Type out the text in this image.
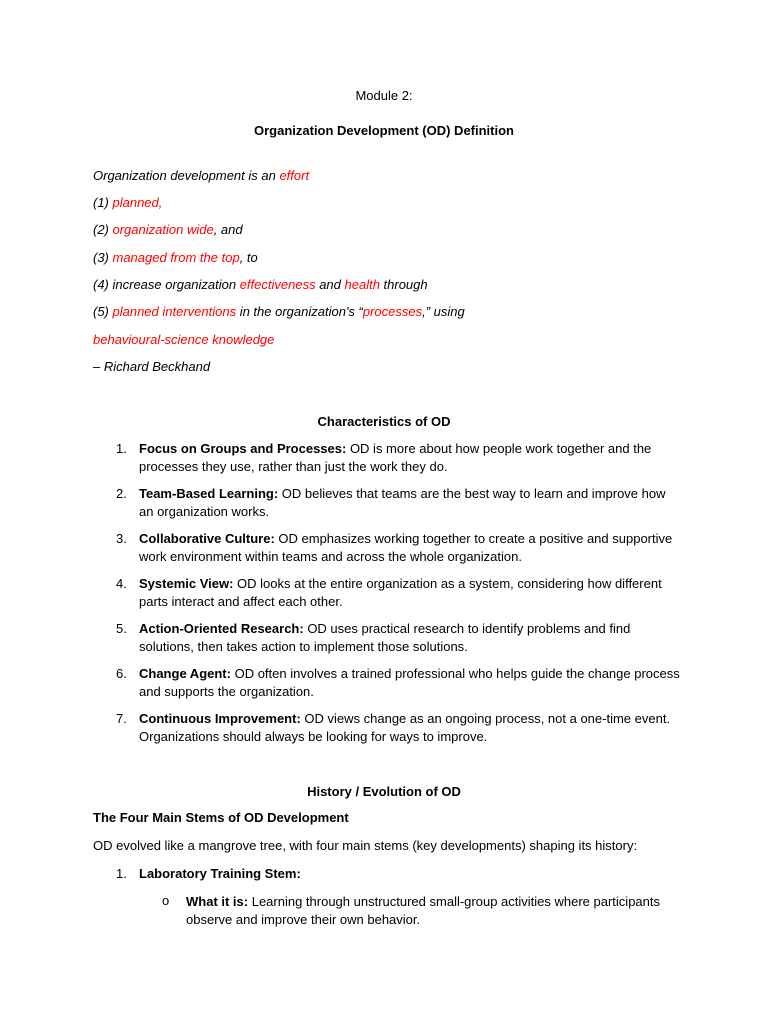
Module 2:
Organization Development (OD) Definition
Organization development is an effort
(1) planned,
(2) organization wide, and
(3) managed from the top, to
(4) increase organization effectiveness and health through
(5) planned interventions in the organization's “processes,” using
behavioural-science knowledge
– Richard Beckhand
Characteristics of OD
1. Focus on Groups and Processes: OD is more about how people work together and the processes they use, rather than just the work they do.
2. Team-Based Learning: OD believes that teams are the best way to learn and improve how an organization works.
3. Collaborative Culture: OD emphasizes working together to create a positive and supportive work environment within teams and across the whole organization.
4. Systemic View: OD looks at the entire organization as a system, considering how different parts interact and affect each other.
5. Action-Oriented Research: OD uses practical research to identify problems and find solutions, then takes action to implement those solutions.
6. Change Agent: OD often involves a trained professional who helps guide the change process and supports the organization.
7. Continuous Improvement: OD views change as an ongoing process, not a one-time event. Organizations should always be looking for ways to improve.
History / Evolution of OD
The Four Main Stems of OD Development
OD evolved like a mangrove tree, with four main stems (key developments) shaping its history:
1. Laboratory Training Stem:
o What it is: Learning through unstructured small-group activities where participants observe and improve their own behavior.
